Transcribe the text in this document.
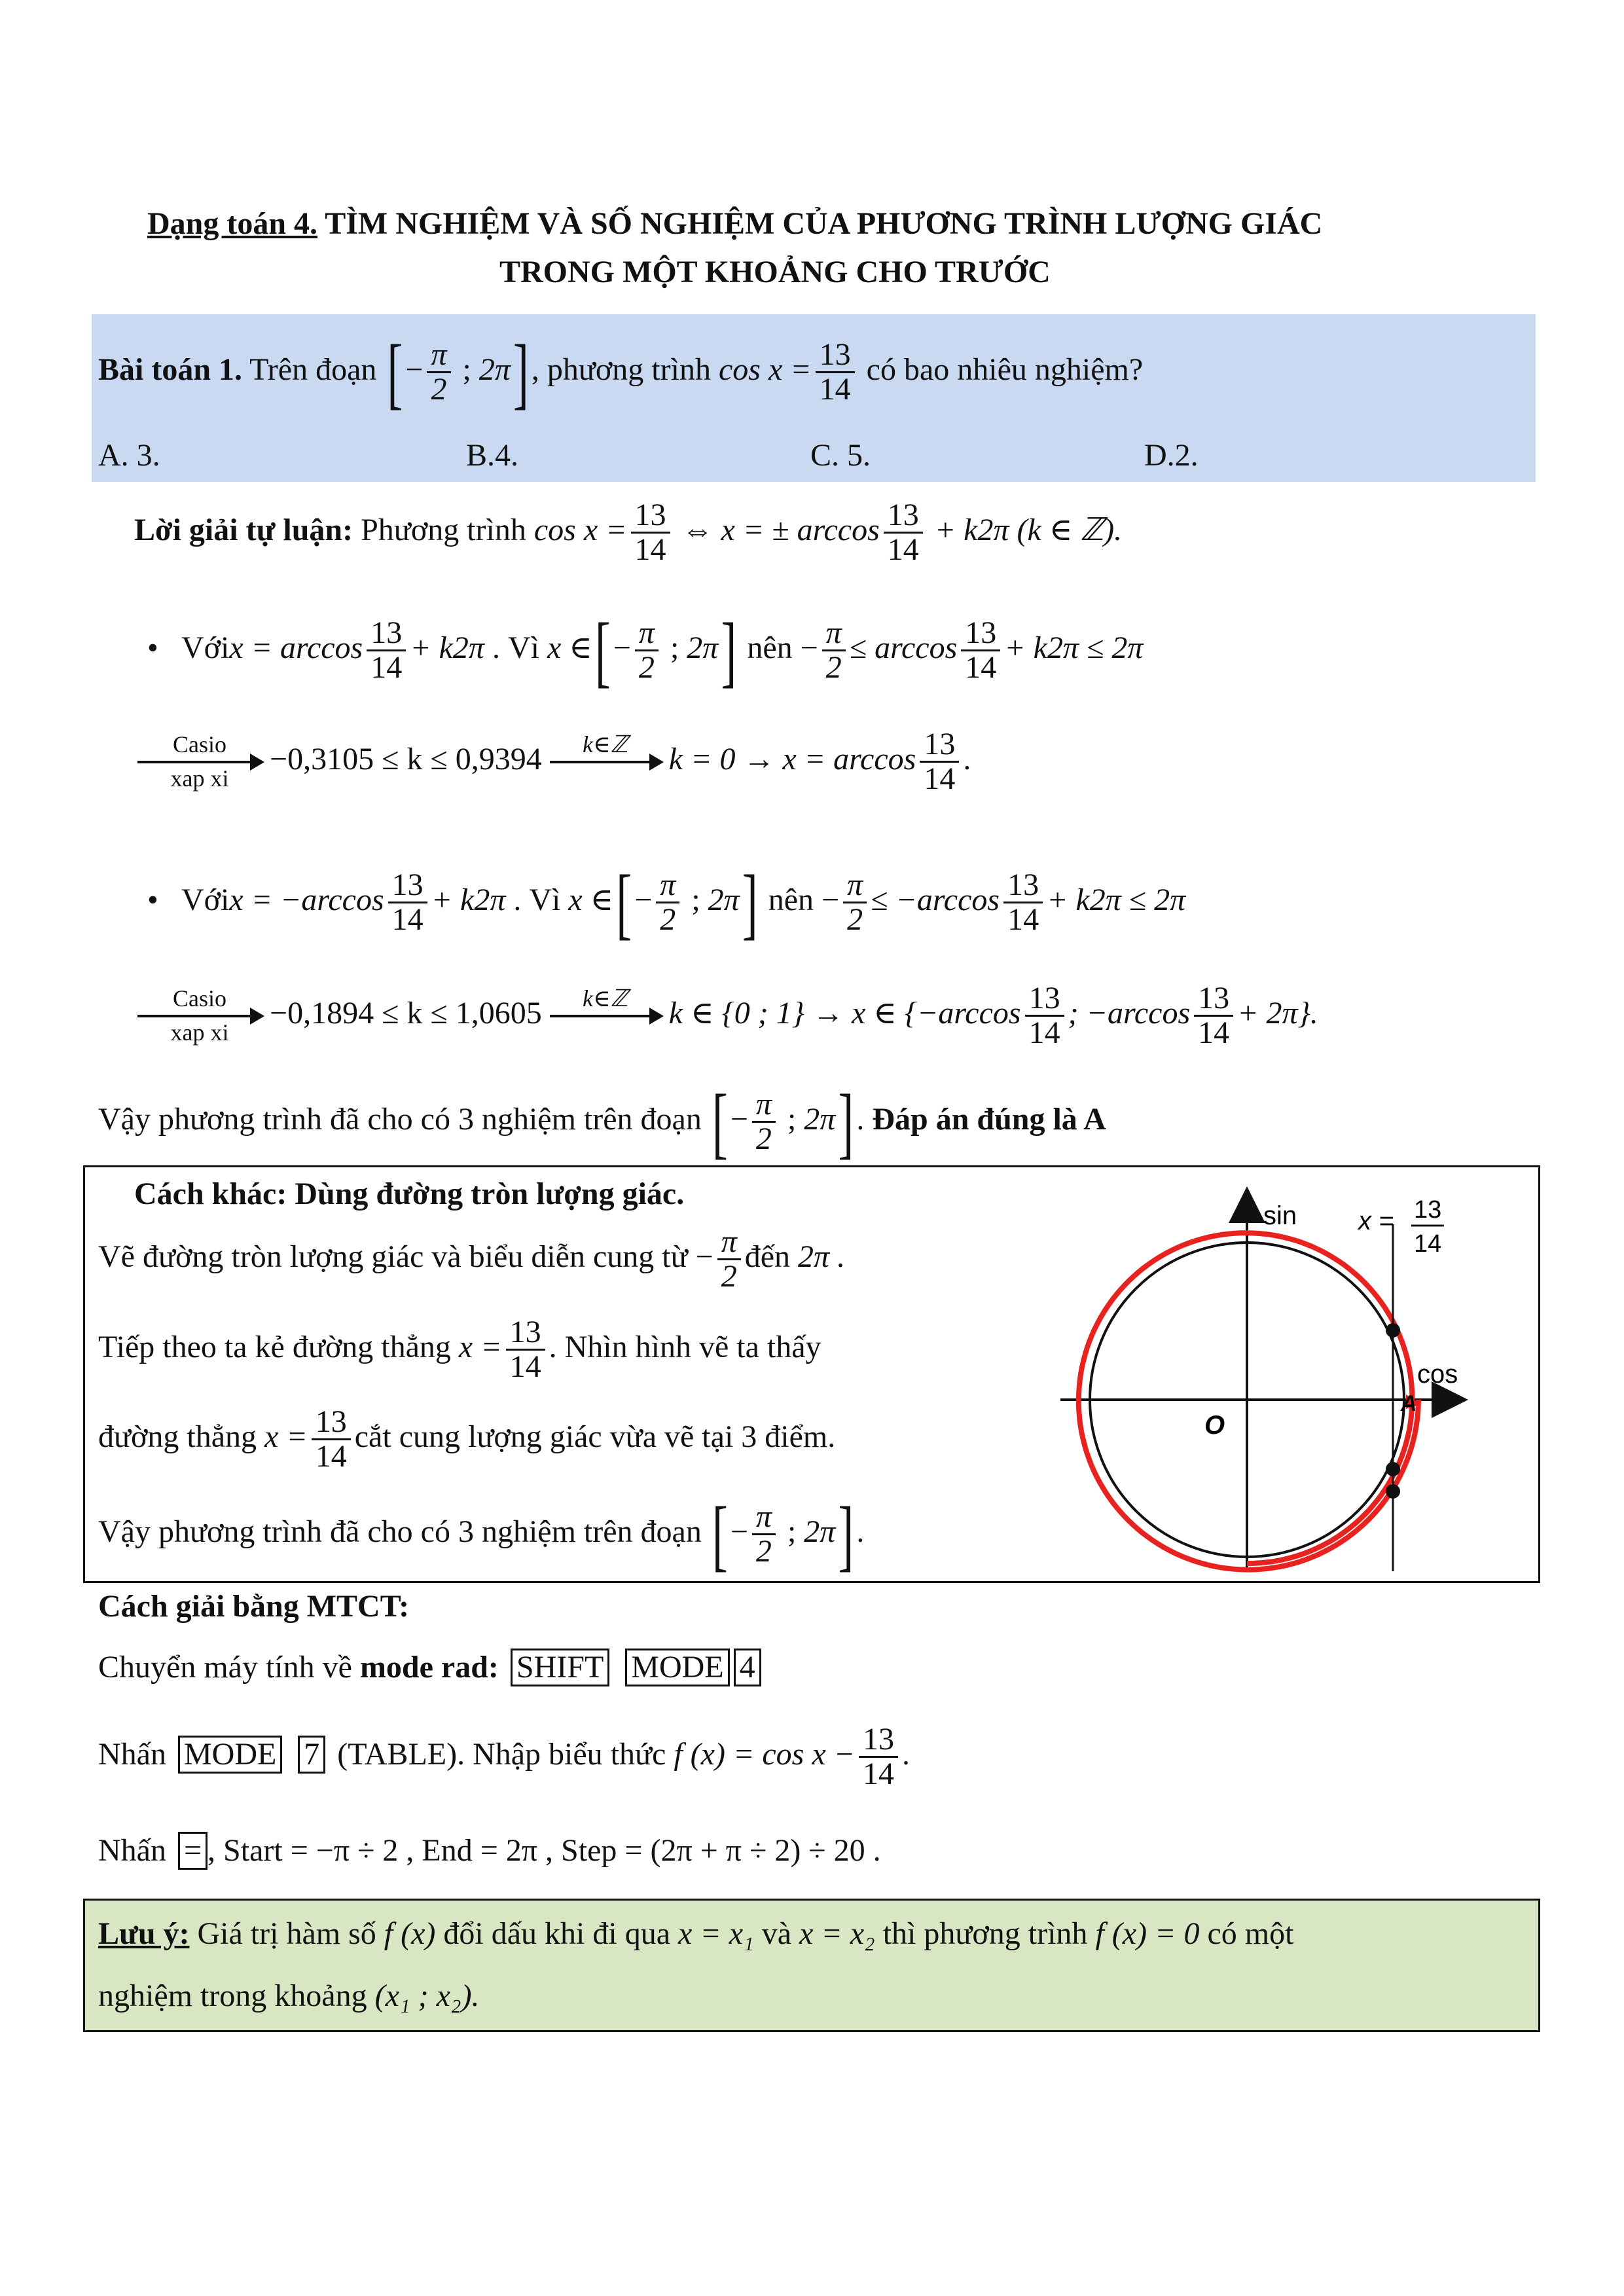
Dạng toán 4. TÌM NGHIỆM VÀ SỐ NGHIỆM CỦA PHƯƠNG TRÌNH LƯỢNG GIÁC
TRONG MỘT KHOẢNG CHO TRƯỚC
Bài toán 1. Trên đoạn [− $\frac{\pi}{2}$ ; 2π], phương trình $\cos x = \frac{13}{14}$ có bao nhiêu nghiệm?
A. 3.	B.4.	C. 5.	D.2.
Lời giải tự luận: Phương trình $\cos x = \frac{13}{14}$ ⇔ x = ± $\arccos \frac{13}{14} + k2\pi$ (k ∈ ℤ).
• Vớix = $\arccos \frac{13}{14} + k2\pi$ . Vì x ∈[− $\frac{\pi}{2}$ ; 2π] nên − $\frac{\pi}{2} \le \arccos \frac{13}{14} + k2\pi \le 2\pi$
Casio
xap xi
−0,3105 ≤ k ≤ 0,9394	k∈ℤ
	$k = 0 \to x = \arccos \frac{13}{14}$ .
• Vớix = $-\arccos \frac{13}{14} + k2\pi$ . Vì x ∈[− $\frac{\pi}{2}$ ; 2π] nên − $\frac{\pi}{2} \le -\arccos \frac{13}{14} + k2\pi \le 2\pi$
Casio
xap xi
−0,1894 ≤ k ≤ 1,0605	k∈ℤ
	k ∈ {0 ; 1} → x ∈ {$-\arccos \frac{13}{14}$ ; $-\arccos \frac{13}{14} + 2\pi$}.
Vậy phương trình đã cho có 3 nghiệm trên đoạn [− $\frac{\pi}{2}$ ; 2π]. Đáp án đúng là A
Cách khác: Dùng đường tròn lượng giác.
Vẽ đường tròn lượng giác và biểu diễn cung từ − $\frac{\pi}{2}$ đến 2π .
Tiếp theo ta kẻ đường thẳng $x = \frac{13}{14}$ . Nhìn hình vẽ ta thấy
đường thẳng $x = \frac{13}{14}$ cắt cung lượng giác vừa vẽ tại 3 điểm.
Vậy phương trình đã cho có 3 nghiệm trên đoạn [− $\frac{\pi}{2}$ ; 2π].
sin
cos
O
A
x = 13
14
Cách giải bằng MTCT:
Chuyển máy tính về mode rad: SHIFT MODE 4
Nhấn MODE 7 (TABLE). Nhập biểu thức f $(x) = \cos x - \frac{13}{14}$ .
Nhấn = , Start = −π ÷ 2 , End = 2π , Step = (2π + π ÷ 2) ÷ 20 .
Lưu ý: Giá trị hàm số f (x) đổi dấu khi đi qua x = x₁ và x = x₂ thì phương trình f (x) = 0 có một
nghiệm trong khoảng (x₁ ; x₂).
